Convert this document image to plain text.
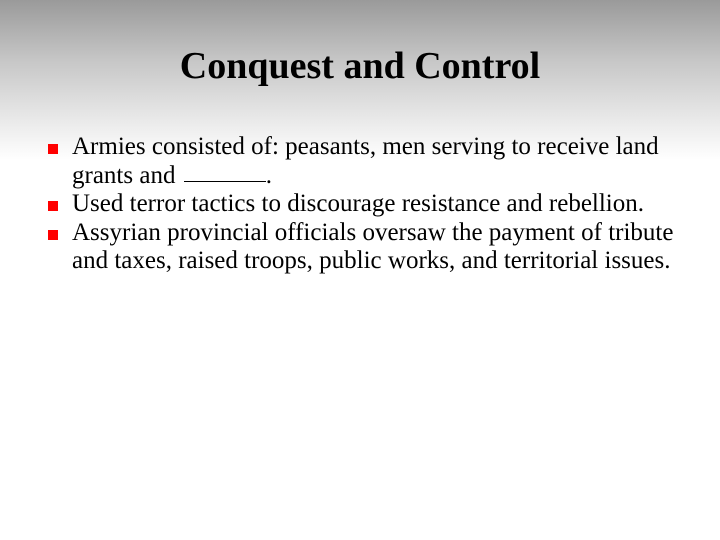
Conquest and Control
Armies consisted of: peasants, men serving to receive land grants and	.
Used terror tactics to discourage resistance and rebellion.
Assyrian provincial officials oversaw the payment of tribute and taxes, raised troops, public works, and territorial issues.
